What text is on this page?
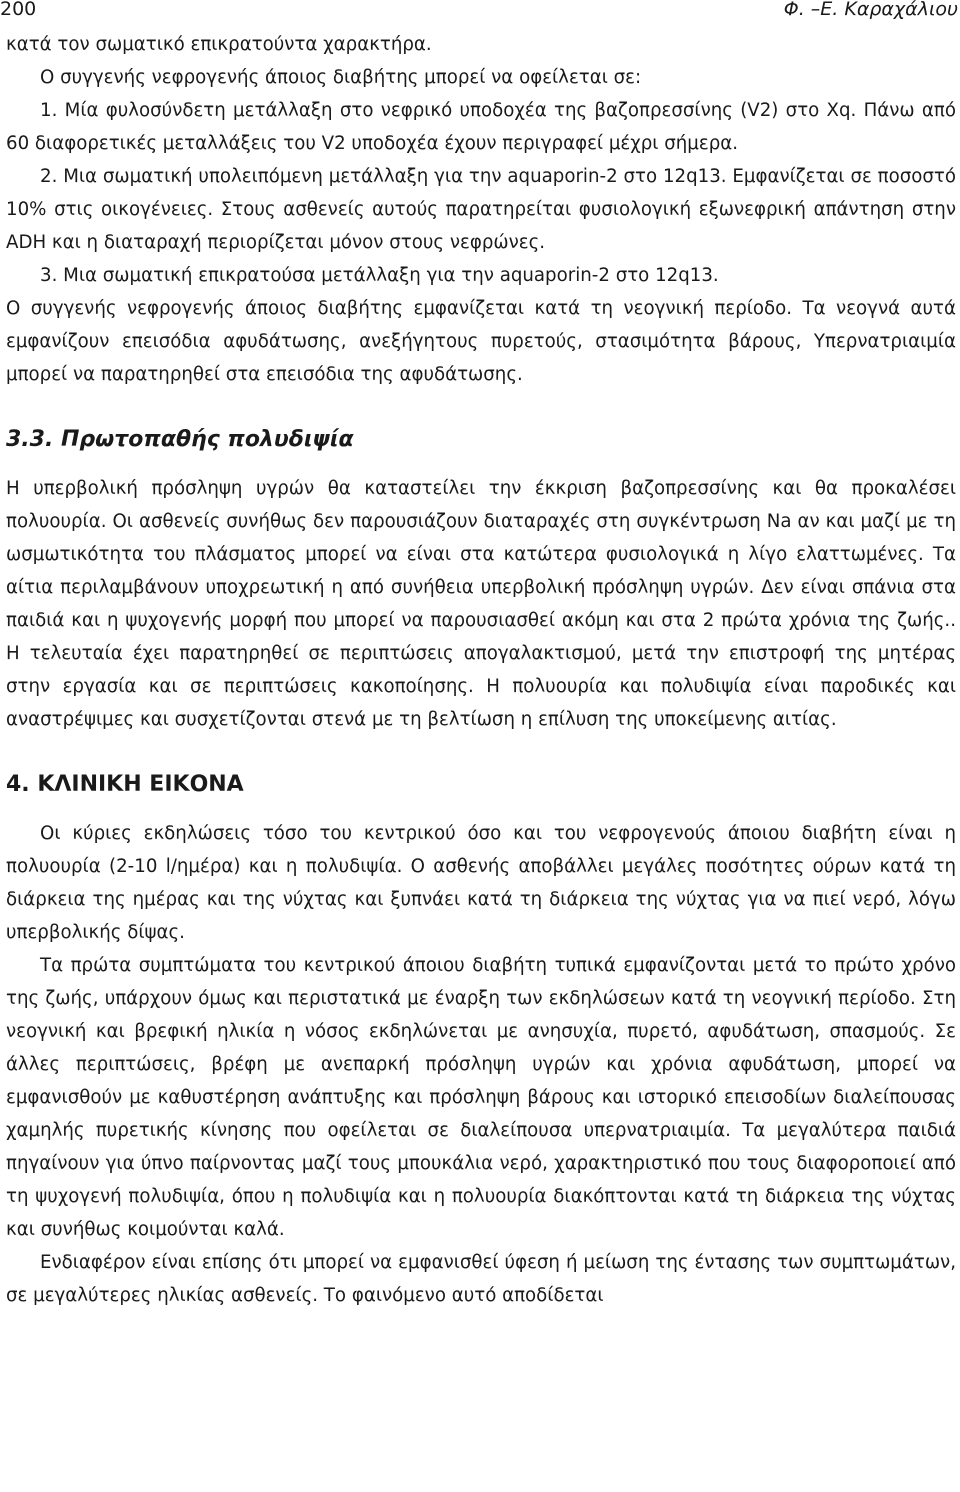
200	Φ. –Ε. Καραχάλιου

κατά τον σωματικό επικρατούντα χαρακτήρα.

Ο συγγενής νεφρογενής άποιος διαβήτης μπορεί να οφείλεται σε:

1. Μία φυλοσύνδετη μετάλλαξη στο νεφρικό υποδοχέα της βαζοπρεσσίνης (V2) στο Xq. Πάνω από 60 διαφορετικές μεταλλάξεις του V2 υποδοχέα έχουν περιγραφεί μέχρι σήμερα.

2. Μια σωματική υπολειπόμενη μετάλλαξη για την aquaporin-2 στο 12q13. Εμφανίζεται σε ποσοστό 10% στις οικογένειες. Στους ασθενείς αυτούς παρατηρείται φυσιολογική εξωνεφρική απάντηση στην ADH και η διαταραχή περιορίζεται μόνον στους νεφρώνες.

3. Μια σωματική επικρατούσα μετάλλαξη για την aquaporin-2 στο 12q13.

Ο συγγενής νεφρογενής άποιος διαβήτης εμφανίζεται κατά τη νεογνική περίοδο. Τα νεογνά αυτά εμφανίζουν επεισόδια αφυδάτωσης, ανεξήγητους πυρετούς, στασιμότητα βάρους, Υπερνατριαιμία μπορεί να παρατηρηθεί στα επεισόδια της αφυδάτωσης.

3.3. Πρωτοπαθής πολυδιψία

Η υπερβολική πρόσληψη υγρών θα καταστείλει την έκκριση βαζοπρεσσίνης και θα προκαλέσει πολυουρία. Οι ασθενείς συνήθως δεν παρουσιάζουν διαταραχές στη συγκέντρωση Na αν και μαζί με τη ωσμωτικότητα του πλάσματος μπορεί να είναι στα κατώτερα φυσιολογικά η λίγο ελαττωμένες. Τα αίτια περιλαμβάνουν υποχρεωτική η από συνήθεια υπερβολική πρόσληψη υγρών. Δεν είναι σπάνια στα παιδιά και η ψυχογενής μορφή που μπορεί να παρουσιασθεί ακόμη και στα 2 πρώτα χρόνια της ζωής.. Η τελευταία έχει παρατηρηθεί σε περιπτώσεις απογαλακτισμού, μετά την επιστροφή της μητέρας στην εργασία και σε περιπτώσεις κακοποίησης. Η πολυουρία και πολυδιψία είναι παροδικές και αναστρέψιμες και συσχετίζονται στενά με τη βελτίωση η επίλυση της υποκείμενης αιτίας.

4. ΚΛΙΝΙΚΗ ΕΙΚΟΝΑ

Οι κύριες εκδηλώσεις τόσο του κεντρικού όσο και του νεφρογενούς άποιου διαβήτη είναι η πολυουρία (2-10 l/ημέρα) και η πολυδιψία. Ο ασθενής αποβάλλει μεγάλες ποσότητες ούρων κατά τη διάρκεια της ημέρας και της νύχτας και ξυπνάει κατά τη διάρκεια της νύχτας για να πιεί νερό, λόγω υπερβολικής δίψας.

Τα πρώτα συμπτώματα του κεντρικού άποιου διαβήτη τυπικά εμφανίζονται μετά το πρώτο χρόνο της ζωής, υπάρχουν όμως και περιστατικά με έναρξη των εκδηλώσεων κατά τη νεογνική περίοδο. Στη νεογνική και βρεφική ηλικία η νόσος εκδηλώνεται με ανησυχία, πυρετό, αφυδάτωση, σπασμούς. Σε άλλες περιπτώσεις, βρέφη με ανεπαρκή πρόσληψη υγρών και χρόνια αφυδάτωση, μπορεί να εμφανισθούν με καθυστέρηση ανάπτυξης και πρόσληψη βάρους και ιστορικό επεισοδίων διαλείπουσας χαμηλής πυρετικής κίνησης που οφείλεται σε διαλείπουσα υπερνατριαιμία. Τα μεγαλύτερα παιδιά πηγαίνουν για ύπνο παίρνοντας μαζί τους μπουκάλια νερό, χαρακτηριστικό που τους διαφοροποιεί από τη ψυχογενή πολυδιψία, όπου η πολυδιψία και η πολυουρία διακόπτονται κατά τη διάρκεια της νύχτας και συνήθως κοιμούνται καλά.

Ενδιαφέρον είναι επίσης ότι μπορεί να εμφανισθεί ύφεση ή μείωση της έντασης των συμπτωμάτων, σε μεγαλύτερες ηλικίας ασθενείς. Το φαινόμενο αυτό αποδίδεται
